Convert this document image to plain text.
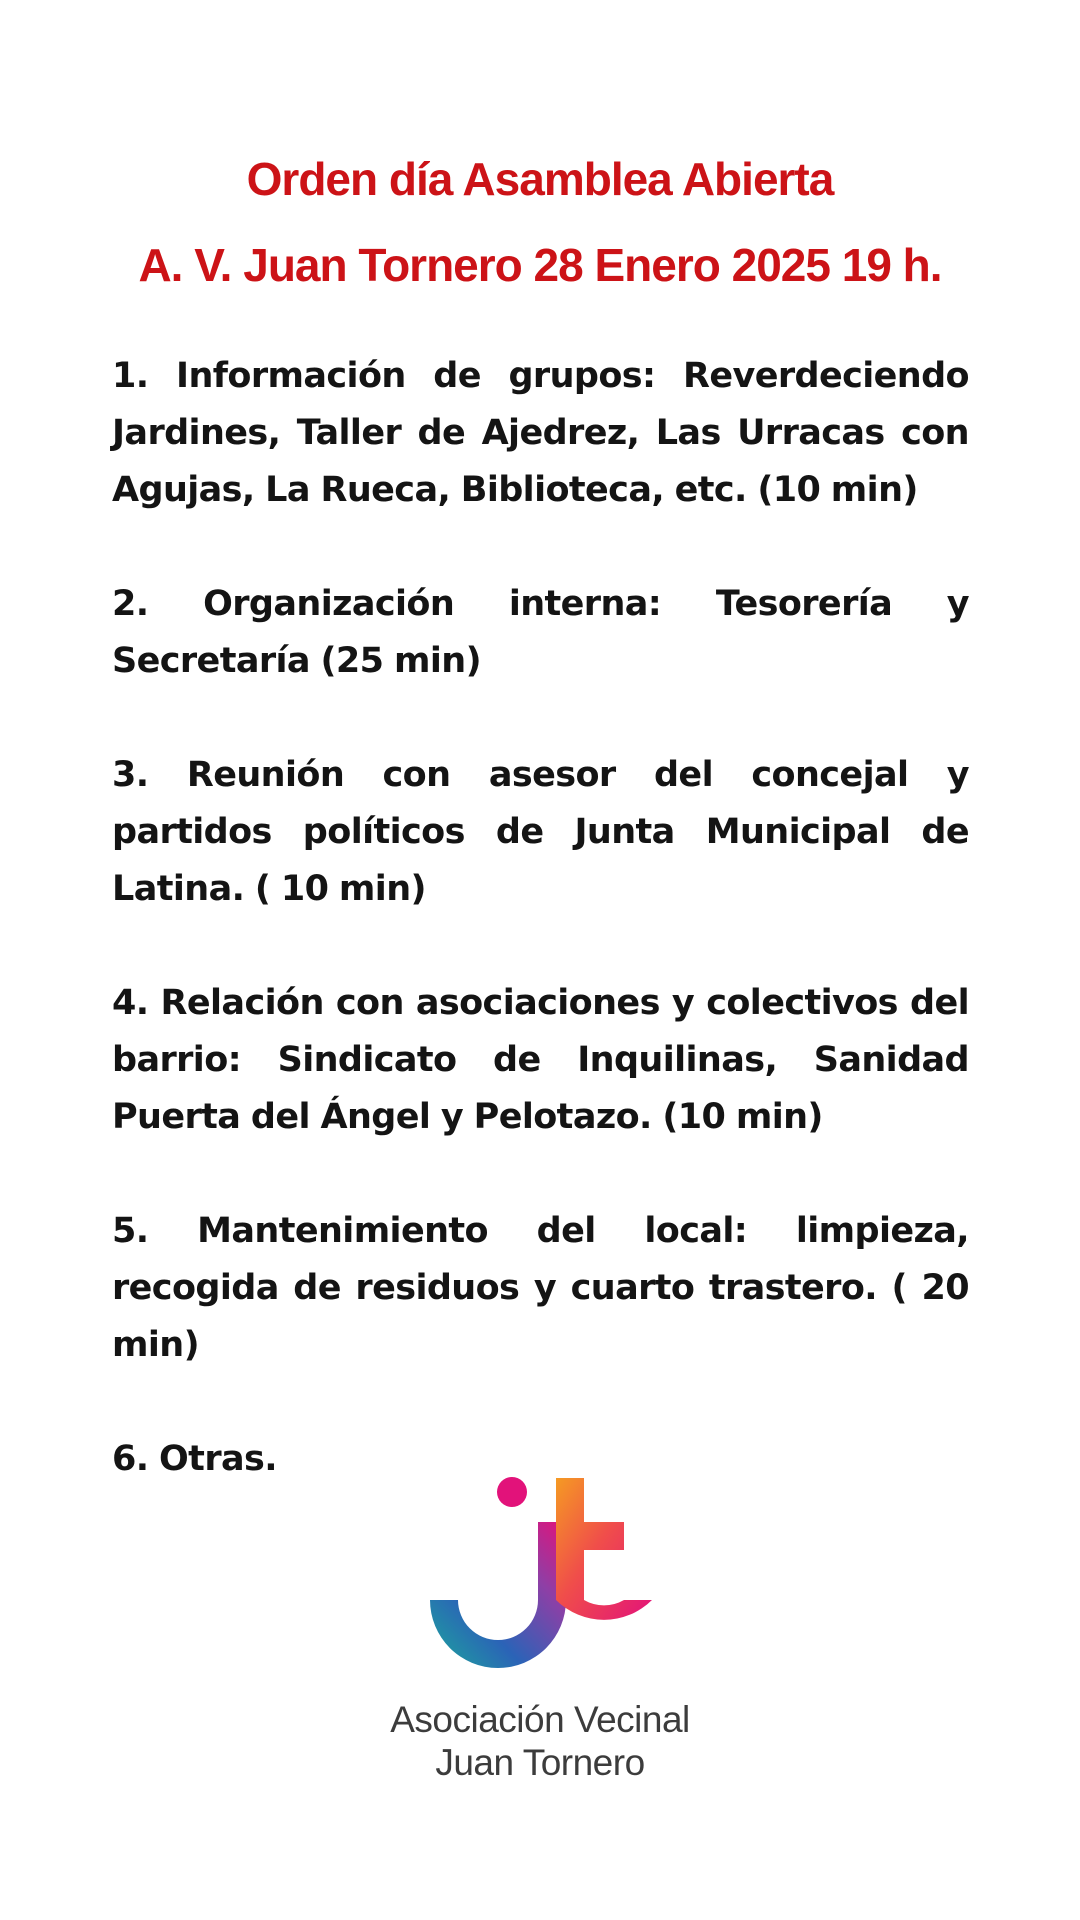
Orden día Asamblea Abierta
A. V. Juan Tornero 28 Enero 2025 19 h.
1. Información de grupos: Reverdeciendo Jardines, Taller de Ajedrez, Las Urracas con Agujas, La Rueca, Biblioteca, etc. (10 min)
2. Organización interna: Tesorería y Secretaría (25 min)
3. Reunión con asesor del concejal y partidos políticos de Junta Municipal de Latina. ( 10 min)
4. Relación con asociaciones y colectivos del barrio: Sindicato de Inquilinas, Sanidad Puerta del Ángel y Pelotazo. (10 min)
5. Mantenimiento del local: limpieza, recogida de residuos y cuarto trastero. ( 20 min)
6. Otras.
Asociación Vecinal
Juan Tornero
